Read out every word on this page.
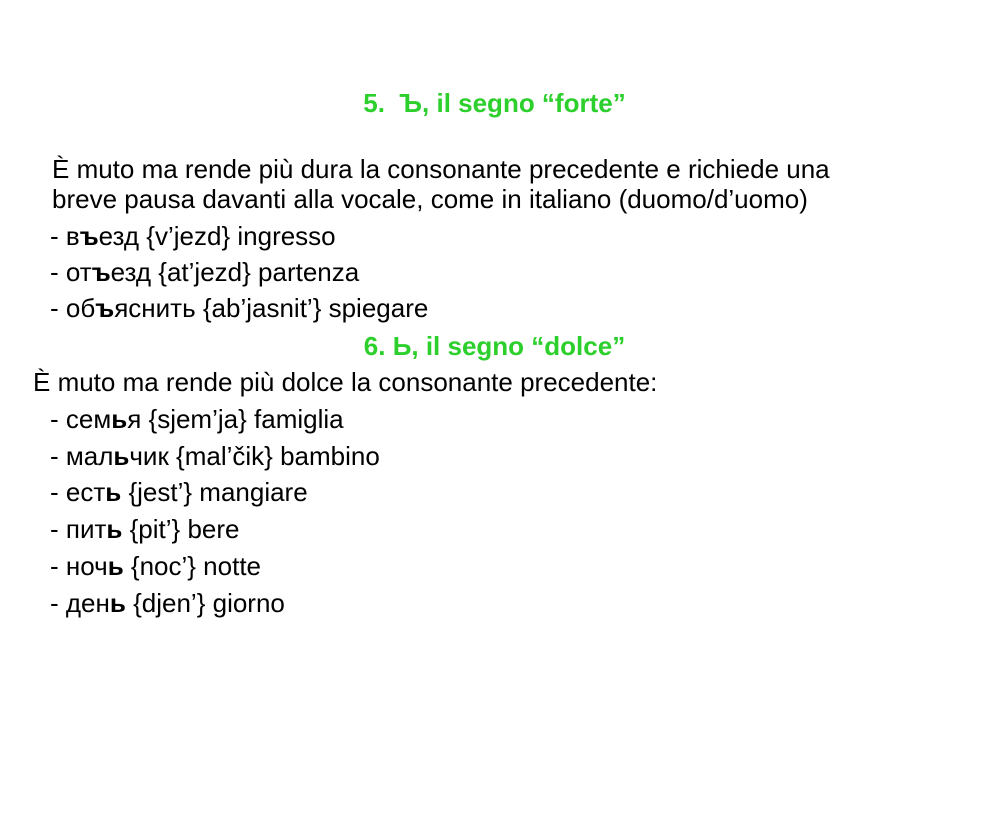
5.  Ъ, il segno “forte”
È muto ma rende più dura la consonante precedente e richiede una
breve pausa davanti alla vocale, come in italiano (duomo/d’uomo)
- въезд {v’jezd} ingresso
- отъезд {at’jezd} partenza
- объяснить {ab’jasnit’} spiegare
6. Ь, il segno “dolce”
È muto ma rende più dolce la consonante precedente:
- семья {sjem’ja} famiglia
- мальчик {mal’čik} bambino
- есть {jest’} mangiare
- пить {pit’} bere
- ночь {noc’} notte
- день {djen’} giorno
